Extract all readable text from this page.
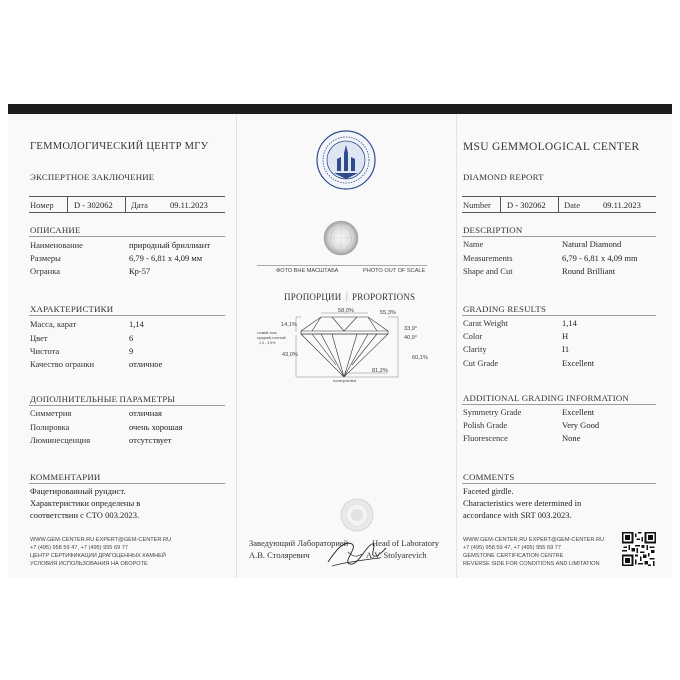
ГЕММОЛОГИЧЕСКИЙ ЦЕНТР МГУ
ЭКСПЕРТНОЕ ЗАКЛЮЧЕНИЕ
Номер D - 302062 Дата	09.11.2023
ОПИСАНИЕ
Наименование	природный бриллиант
Размеры	6,79 - 6,81 x 4,09 мм
Огранка	Кр-57
ХАРАКТЕРИСТИКИ
Масса, карат	1,14
Цвет	6
Чистота	9
Качество огранки	отличное
ДОПОЛНИТЕЛЬНЫЕ ПАРАМЕТРЫ
Симметрия	отличная
Полировка	очень хорошая
Люминесценция	отсутствует
КОММЕНТАРИИ
Фацетированный рундист.
Характеристики определены в
соответствии с СТО 003.2023.
WWW.GEM-CENTER.RU EXPERT@GEM-CENTER.RU
+7 (495) 958 59 47, +7 (495) 955 69 77
ЦЕНТР СЕРТИФИКАЦИИ ДРАГОЦЕННЫХ КАМНЕЙ
УСЛОВИЯ ИСПОЛЬЗОВАНИЯ НА ОБОРОТЕ
ФОТО ВНЕ МАСШТАБА	PHOTO OUT OF SCALE
ПРОПОРЦИИ | PROPORTIONS
58,0%	55,3%
14,1%
33,9°
40,9°
тонкий-тонк
средний-толстый
1,0 - 3,9%
43,0%	60,1%
81,2%
none/pointed
Заведующий Лабораторией
А.В. Столяревич
Head of Laboratory
A.V. Stolyarevich
MSU GEMMOLOGICAL CENTER
DIAMOND REPORT
Number D - 302062 Date	09.11.2023
DESCRIPTION
Name	Natural Diamond
Measurements	6,79 - 6,81 x 4,09 mm
Shape and Cut	Round Brilliant
GRADING RESULTS
Carat Weight	1,14
Color	H
Clarity	I1
Cut Grade	Excellent
ADDITIONAL GRADING INFORMATION
Symmetry Grade	Excellent
Polish Grade	Very Good
Fluorescence	None
COMMENTS
Faceted girdle.
Characteristics were determined in
accordance with SRT 003.2023.
WWW.GEM-CENTER.RU EXPERT@GEM-CENTER.RU
+7 (495) 958 59 47, +7 (495) 955 69 77
GEMSTONE CERTIFICATION CENTRE
REVERSE SIDE FOR CONDITIONS AND LIMITATION
